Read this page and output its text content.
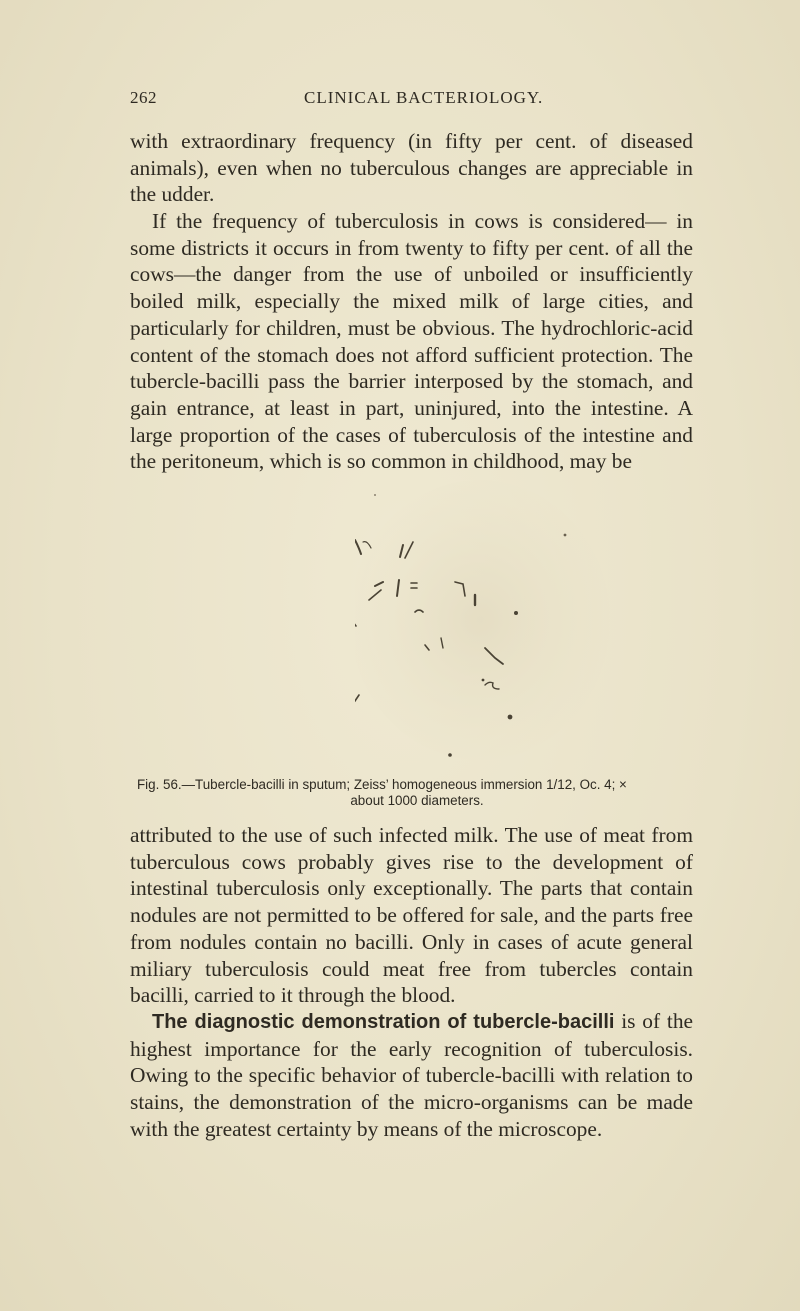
262	CLINICAL BACTERIOLOGY.

with extraordinary frequency (in fifty per cent. of diseased animals), even when no tuberculous changes are appreciable in the udder.

If the frequency of tuberculosis in cows is considered— in some districts it occurs in from twenty to fifty per cent. of all the cows—the danger from the use of unboiled or insufficiently boiled milk, especially the mixed milk of large cities, and particularly for children, must be obvious. The hydrochloric-acid content of the stomach does not afford sufficient protection. The tubercle-bacilli pass the barrier interposed by the stomach, and gain entrance, at least in part, uninjured, into the intestine. A large proportion of the cases of tuberculosis of the intestine and the peritoneum, which is so common in childhood, may be

Fig. 56.—Tubercle-bacilli in sputum; Zeiss’ homogeneous immersion 1/12, Oc. 4; ×
about 1000 diameters.

attributed to the use of such infected milk. The use of meat from tuberculous cows probably gives rise to the development of intestinal tuberculosis only exceptionally. The parts that contain nodules are not permitted to be offered for sale, and the parts free from nodules contain no bacilli. Only in cases of acute general miliary tuberculosis could meat free from tubercles contain bacilli, carried to it through the blood.

The diagnostic demonstration of tubercle-bacilli is of the highest importance for the early recognition of tuberculosis. Owing to the specific behavior of tubercle-bacilli with relation to stains, the demonstration of the micro-organisms can be made with the greatest certainty by means of the microscope.
